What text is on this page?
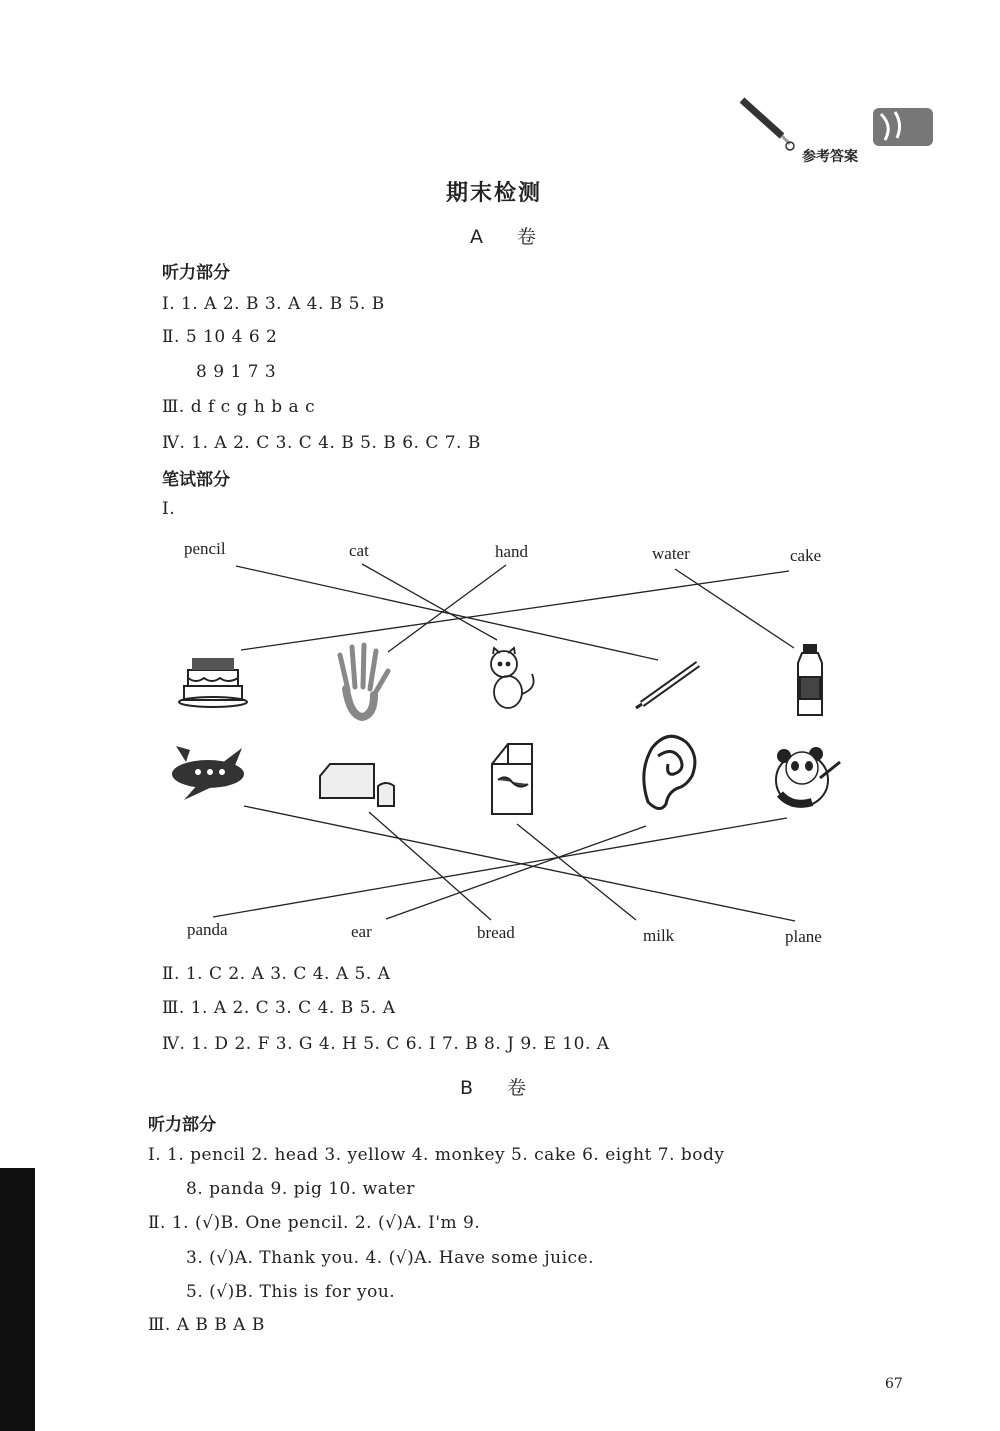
参考答案
期末检测
A 卷
听力部分
Ⅰ. 1. A 2. B 3. A 4. B 5. B
Ⅱ. 5 10 4 6 2
8 9 1 7 3
Ⅲ. d f c g h b a c
Ⅳ. 1. A 2. C 3. C 4. B 5. B 6. C 7. B
笔试部分
Ⅰ.
pencil	cat	hand	water	cake
panda	ear	bread	milk	plane
Ⅱ. 1. C 2. A 3. C 4. A 5. A
Ⅲ. 1. A 2. C 3. C 4. B 5. A
Ⅳ. 1. D 2. F 3. G 4. H 5. C 6. I 7. B 8. J 9. E 10. A
B 卷
听力部分
Ⅰ. 1. pencil 2. head 3. yellow 4. monkey 5. cake 6. eight 7. body
8. panda 9. pig 10. water
Ⅱ. 1. (√)B. One pencil. 2. (√)A. I'm 9.
3. (√)A. Thank you. 4. (√)A. Have some juice.
5. (√)B. This is for you.
Ⅲ. A B B A B
67
